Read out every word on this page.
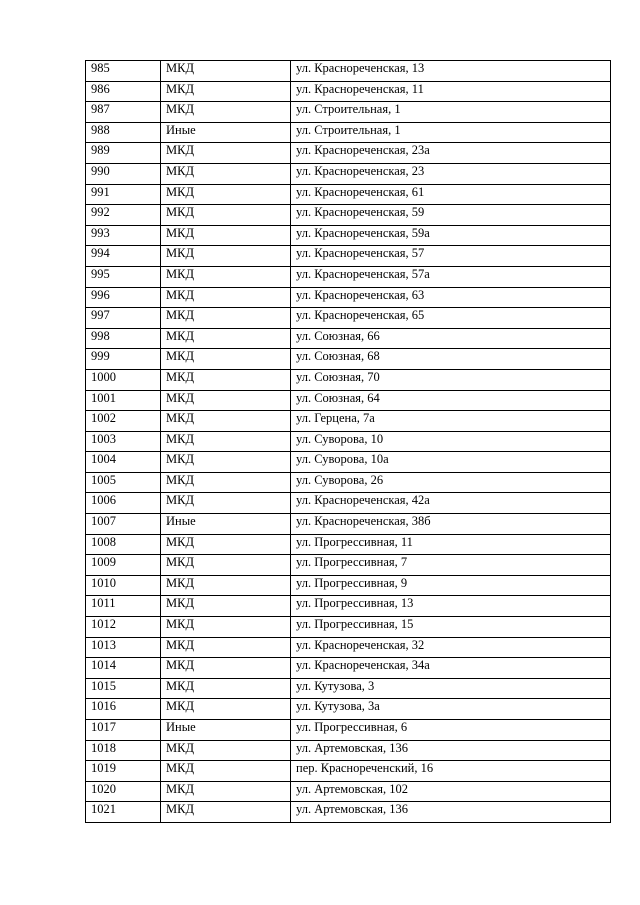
985	МКД	ул. Краснореченская, 13
986	МКД	ул. Краснореченская, 11
987	МКД	ул. Строительная, 1
988	Иные	ул. Строительная, 1
989	МКД	ул. Краснореченская, 23а
990	МКД	ул. Краснореченская, 23
991	МКД	ул. Краснореченская, 61
992	МКД	ул. Краснореченская, 59
993	МКД	ул. Краснореченская, 59а
994	МКД	ул. Краснореченская, 57
995	МКД	ул. Краснореченская, 57а
996	МКД	ул. Краснореченская, 63
997	МКД	ул. Краснореченская, 65
998	МКД	ул. Союзная, 66
999	МКД	ул. Союзная, 68
1000	МКД	ул. Союзная, 70
1001	МКД	ул. Союзная, 64
1002	МКД	ул. Герцена, 7а
1003	МКД	ул. Суворова, 10
1004	МКД	ул. Суворова, 10а
1005	МКД	ул. Суворова, 26
1006	МКД	ул. Краснореченская, 42а
1007	Иные	ул. Краснореченская, 38б
1008	МКД	ул. Прогрессивная, 11
1009	МКД	ул. Прогрессивная, 7
1010	МКД	ул. Прогрессивная, 9
1011	МКД	ул. Прогрессивная, 13
1012	МКД	ул. Прогрессивная, 15
1013	МКД	ул. Краснореченская, 32
1014	МКД	ул. Краснореченская, 34а
1015	МКД	ул. Кутузова, 3
1016	МКД	ул. Кутузова, 3а
1017	Иные	ул. Прогрессивная, 6
1018	МКД	ул. Артемовская, 136
1019	МКД	пер. Краснореченский, 16
1020	МКД	ул. Артемовская, 102
1021	МКД	ул. Артемовская, 136
